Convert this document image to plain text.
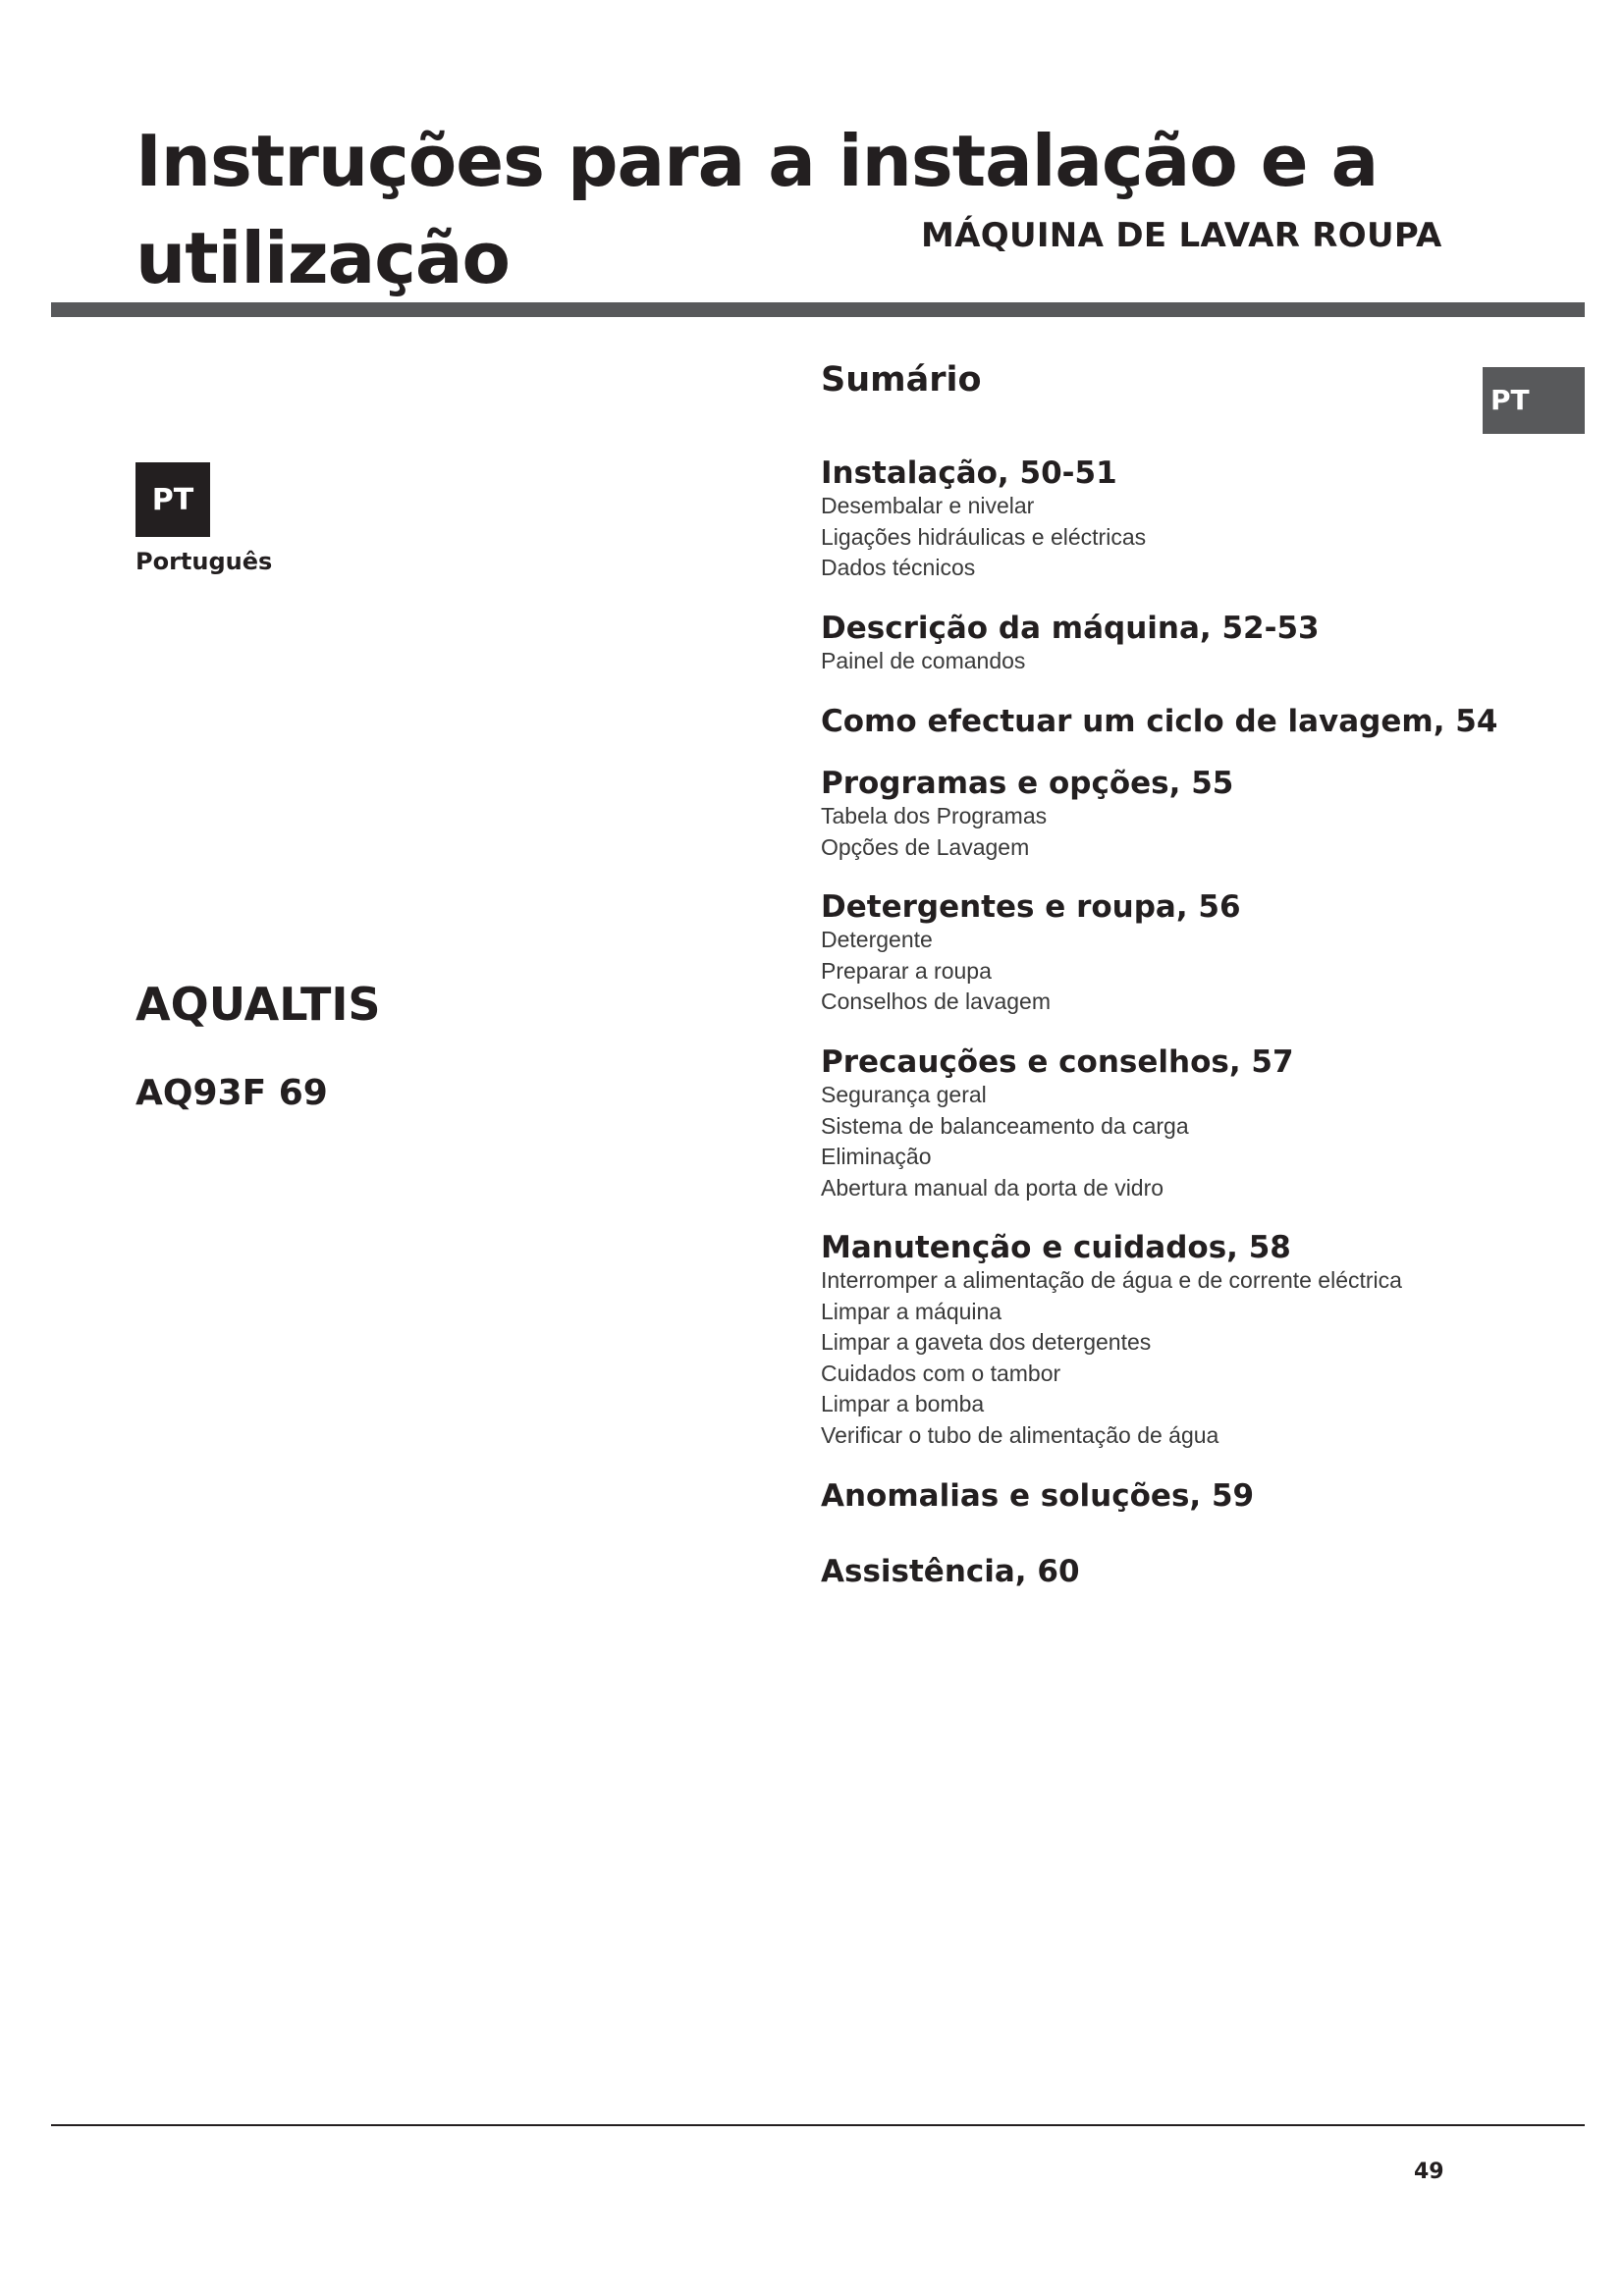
Instruções para a instalação e a
utilização	MÁQUINA DE LAVAR ROUPA
PT
Português
PT
AQUALTIS
AQ93F 69
Sumário
Instalação, 50-51
Desembalar e nivelar
Ligações hidráulicas e eléctricas
Dados técnicos
Descrição da máquina, 52-53
Painel de comandos
Como efectuar um ciclo de lavagem, 54
Programas e opções, 55
Tabela dos Programas
Opções de Lavagem
Detergentes e roupa, 56
Detergente
Preparar a roupa
Conselhos de lavagem
Precauções e conselhos, 57
Segurança geral
Sistema de balanceamento da carga
Eliminação
Abertura manual da porta de vidro
Manutenção e cuidados, 58
Interromper a alimentação de água e de corrente eléctrica
Limpar a máquina
Limpar a gaveta dos detergentes
Cuidados com o tambor
Limpar a bomba
Verificar o tubo de alimentação de água
Anomalias e soluções, 59
Assistência, 60
49
